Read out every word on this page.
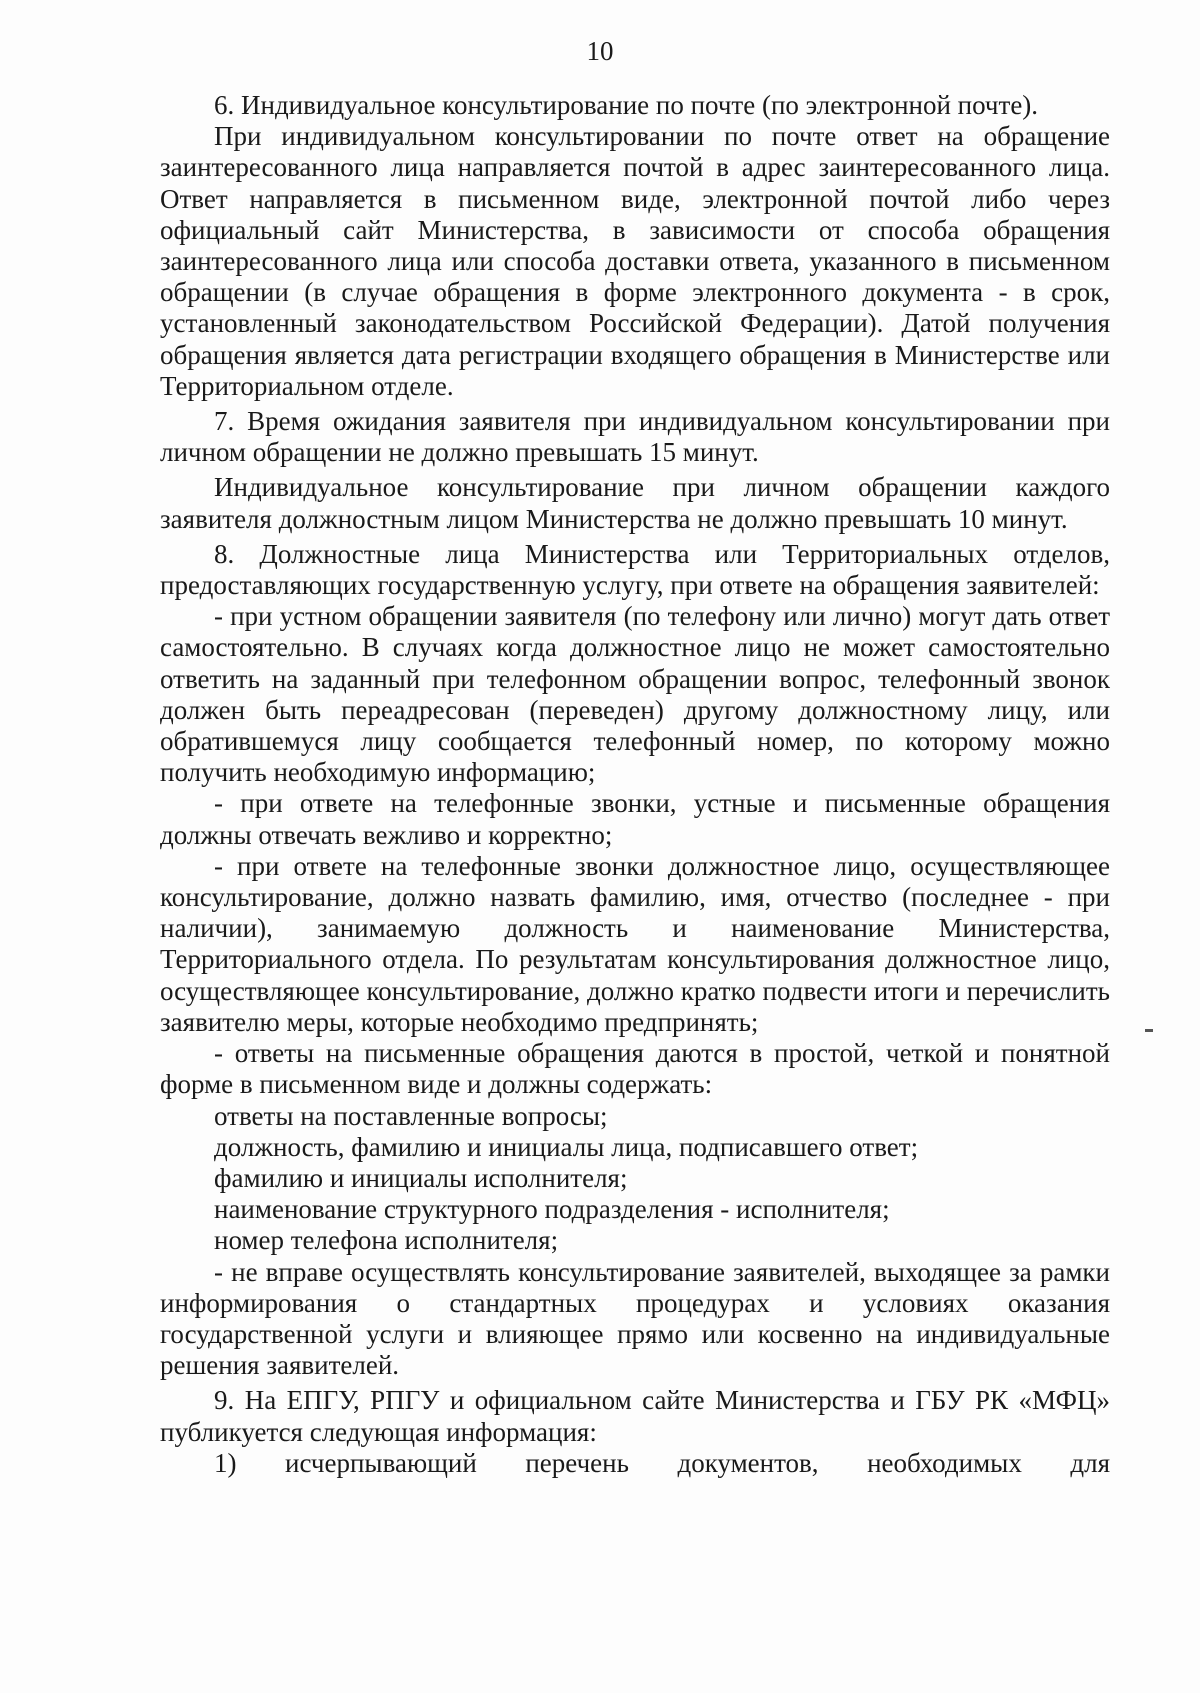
10

6. Индивидуальное консультирование по почте (по электронной почте).

При индивидуальном консультировании по почте ответ на обращение заинтересованного лица направляется почтой в адрес заинтересованного лица. Ответ направляется в письменном виде, электронной почтой либо через официальный сайт Министерства, в зависимости от способа обращения заинтересованного лица или способа доставки ответа, указанного в письменном обращении (в случае обращения в форме электронного документа - в срок, установленный законодательством Российской Федерации). Датой получения обращения является дата регистрации входящего обращения в Министерстве или Территориальном отделе.

7. Время ожидания заявителя при индивидуальном консультировании при личном обращении не должно превышать 15 минут.

Индивидуальное консультирование при личном обращении каждого заявителя должностным лицом Министерства не должно превышать 10 минут.

8. Должностные лица Министерства или Территориальных отделов, предоставляющих государственную услугу, при ответе на обращения заявителей:

- при устном обращении заявителя (по телефону или лично) могут дать ответ самостоятельно. В случаях когда должностное лицо не может самостоятельно ответить на заданный при телефонном обращении вопрос, телефонный звонок должен быть переадресован (переведен) другому должностному лицу, или обратившемуся лицу сообщается телефонный номер, по которому можно получить необходимую информацию;

- при ответе на телефонные звонки, устные и письменные обращения должны отвечать вежливо и корректно;

- при ответе на телефонные звонки должностное лицо, осуществляющее консультирование, должно назвать фамилию, имя, отчество (последнее - при наличии), занимаемую должность и наименование Министерства, Территориального отдела. По результатам консультирования должностное лицо, осуществляющее консультирование, должно кратко подвести итоги и перечислить заявителю меры, которые необходимо предпринять;

- ответы на письменные обращения даются в простой, четкой и понятной форме в письменном виде и должны содержать:

ответы на поставленные вопросы;

должность, фамилию и инициалы лица, подписавшего ответ;

фамилию и инициалы исполнителя;

наименование структурного подразделения - исполнителя;

номер телефона исполнителя;

- не вправе осуществлять консультирование заявителей, выходящее за рамки информирования о стандартных процедурах и условиях оказания государственной услуги и влияющее прямо или косвенно на индивидуальные решения заявителей.

9. На ЕПГУ, РПГУ и официальном сайте Министерства и ГБУ РК «МФЦ» публикуется следующая информация:

1) исчерпывающий перечень документов, необходимых для
